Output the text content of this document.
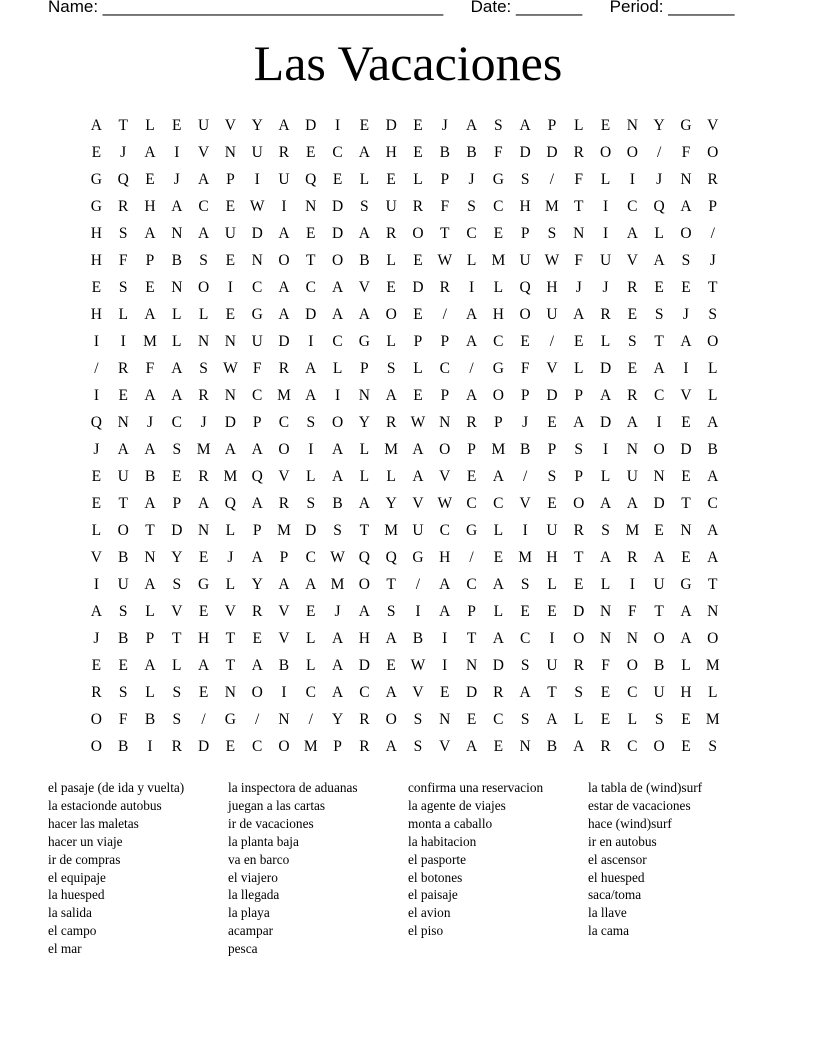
Name: ____________________________________ Date: _______ Period: _______
Las Vacaciones
A	T	L	E	U	V	Y	A	D	I	E	D	E	J	A	S	A	P	L	E	N	Y	G	V
E	J	A	I	V	N	U	R	E	C	A	H	E	B	B	F	D	D	R	O	O	/	F	O
G	Q	E	J	A	P	I	U	Q	E	L	E	L	P	J	G	S	/	F	L	I	J	N	R
G	R	H	A	C	E W	I	N	D	S	U	R	F	S	C	H M T	I	C	Q	A	P
H	S	A	N	A	U	D	A	E	D	A	R	O	T	C	E	P	S	N	I	A	L	O	/
H	F	P	B	S	E	N	O	T	O	B	L	E W L M U W F	U	V	A	S	J
E	S	E	N	O	I	C	A	C	A	V	E	D	R	I	L	Q	H	J	J	R	E	E	T
H	L	A	L	L	E	G	A	D	A	A	O	E	/	A	H	O	U	A	R	E	S	J	S
I	I	M L	N	N	U	D	I	C	G	L	P	P	A	C	E	/	E	L	S	T	A	O
/	R	F	A	S W F	R	A	L	P	S	L	C	/	G	F	V	L	D	E	A	I	L
I	E	A	A	R	N	C M A	I	N	A	E	P	A	O	P	D	P	A	R	C	V	L
Q	N	J	C	J	D	P	C	S	O	Y	R W N	R	P	J	E	A	D	A	I	E	A
J	A	A	S	M A	A	O	I	A	L M A	O	P	M B	P	S	I	N	O	D	B
E	U	B	E	R M Q	V	L	A	L	L	A	V	E	A	/	S	P	L	U	N	E	A
E	T	A	P	A	Q	A	R	S	B	A	Y	V W C	C	V	E	O	A	A	D	T	C
L	O	T	D	N	L	P	M D	S	T M U	C	G	L	I	U	R	S	M E	N	A
V	B	N	Y	E	J	A	P	C W Q	Q	G	H	/	E M H	T	A	R	A	E	A
I	U	A	S	G	L	Y	A	A M O	T	/	A	C	A	S	L	E	L	I	U	G	T
A	S	L	V	E	V	R	V	E	J	A	S	I	A	P	L	E	E	D	N	F	T	A	N
J	B	P	T	H	T	E	V	L	A	H	A	B	I	T	A	C	I	O	N	N	O	A	O
E	E	A	L	A	T	A	B	L	A	D	E W	I	N	D	S	U	R	F	O	B	L M
R	S	L	S	E	N	O	I	C	A	C	A	V	E	D	R	A	T	S	E	C	U	H	L
O	F	B	S	/	G	/	N	/	Y	R	O	S	N	E	C	S	A	L	E	L	S	E M
O	B	I	R	D	E	C	O M	P	R	A	S	V	A	E	N	B	A	R	C	O	E	S
el pasaje (de ida y vuelta)
la estacionde autobus
hacer las maletas
hacer un viaje
ir de compras
el equipaje
la huesped
la salida
el campo
el mar
la inspectora de aduanas
juegan a las cartas
ir de vacaciones
la planta baja
va en barco
el viajero
la llegada
la playa
acampar
pesca
confirma una reservacion
la agente de viajes
monta a caballo
la habitacion
el pasporte
el botones
el paisaje
el avion
el piso
la tabla de (wind)surf
estar de vacaciones
hace (wind)surf
ir en autobus
el ascensor
el huesped
saca/toma
la llave
la cama
